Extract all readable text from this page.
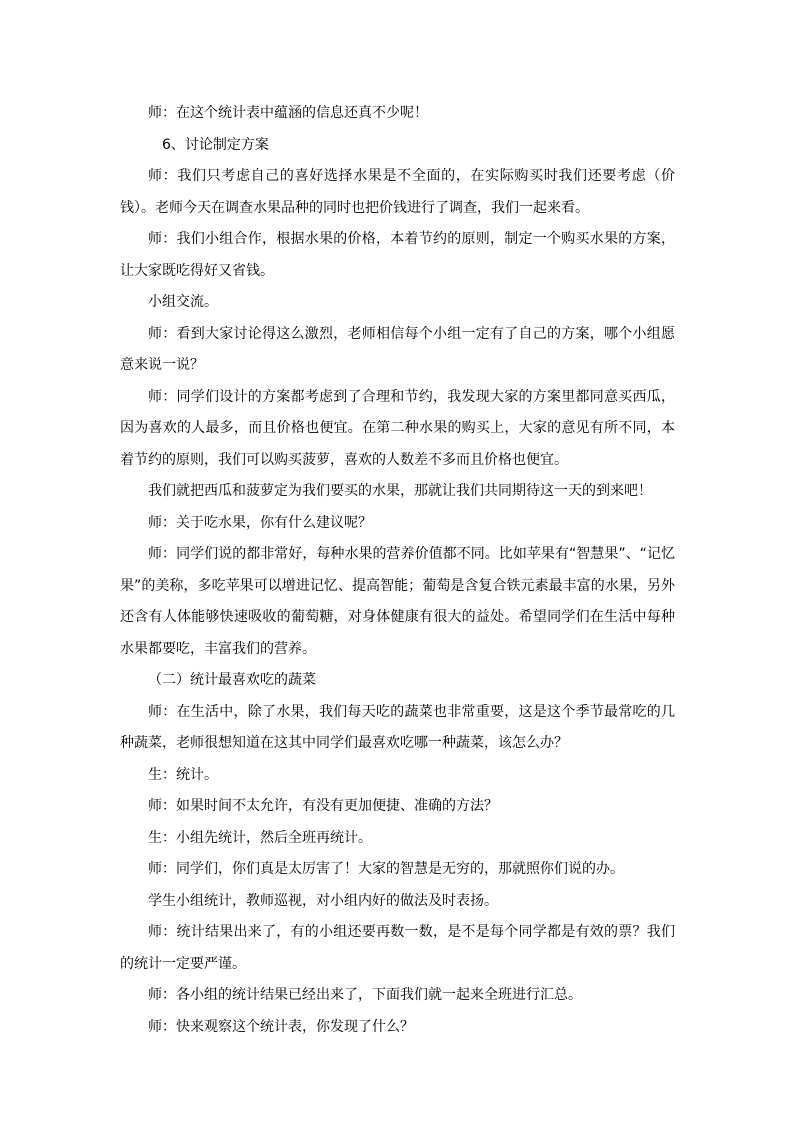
师：在这个统计表中蕴涵的信息还真不少呢！

6、讨论制定方案

师：我们只考虑自己的喜好选择水果是不全面的，在实际购买时我们还要考虑（价钱）。老师今天在调查水果品种的同时也把价钱进行了调查，我们一起来看。

师：我们小组合作，根据水果的价格，本着节约的原则，制定一个购买水果的方案，让大家既吃得好又省钱。

小组交流。

师：看到大家讨论得这么激烈，老师相信每个小组一定有了自己的方案，哪个小组愿意来说一说？

师：同学们设计的方案都考虑到了合理和节约，我发现大家的方案里都同意买西瓜，因为喜欢的人最多，而且价格也便宜。在第二种水果的购买上，大家的意见有所不同，本着节约的原则，我们可以购买菠萝，喜欢的人数差不多而且价格也便宜。

我们就把西瓜和菠萝定为我们要买的水果，那就让我们共同期待这一天的到来吧！

师：关于吃水果，你有什么建议呢？

师：同学们说的都非常好，每种水果的营养价值都不同。比如苹果有“智慧果”、“记忆果”的美称，多吃苹果可以增进记忆、提高智能；葡萄是含复合铁元素最丰富的水果，另外还含有人体能够快速吸收的葡萄糖，对身体健康有很大的益处。希望同学们在生活中每种水果都要吃，丰富我们的营养。

（二）统计最喜欢吃的蔬菜

师：在生活中，除了水果，我们每天吃的蔬菜也非常重要，这是这个季节最常吃的几种蔬菜，老师很想知道在这其中同学们最喜欢吃哪一种蔬菜，该怎么办？

生：统计。

师：如果时间不太允许，有没有更加便捷、准确的方法？

生：小组先统计，然后全班再统计。

师：同学们，你们真是太厉害了！大家的智慧是无穷的，那就照你们说的办。

学生小组统计，教师巡视，对小组内好的做法及时表扬。

师：统计结果出来了，有的小组还要再数一数，是不是每个同学都是有效的票？我们的统计一定要严谨。

师：各小组的统计结果已经出来了，下面我们就一起来全班进行汇总。

师：快来观察这个统计表，你发现了什么？
